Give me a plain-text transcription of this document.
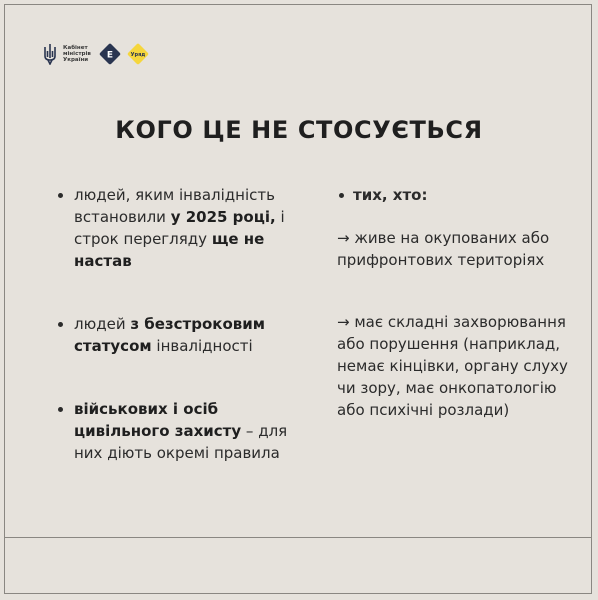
Кабінет
міністрів
України	Е	Уряд
КОГО ЦЕ НЕ СТОСУЄТЬСЯ
людей, яким інвалідність встановили у 2025 році, і строк перегляду ще не настав
людей з безстроковим статусом інвалідності
військових і осіб цивільного захисту – для них діють окремі правила
тих, хто:
→ живе на окупованих або прифронтових територіях
→ має складні захворювання або порушення (наприклад, немає кінцівки, органу слуху чи зору, має онкопатологію або психічні розлади)
